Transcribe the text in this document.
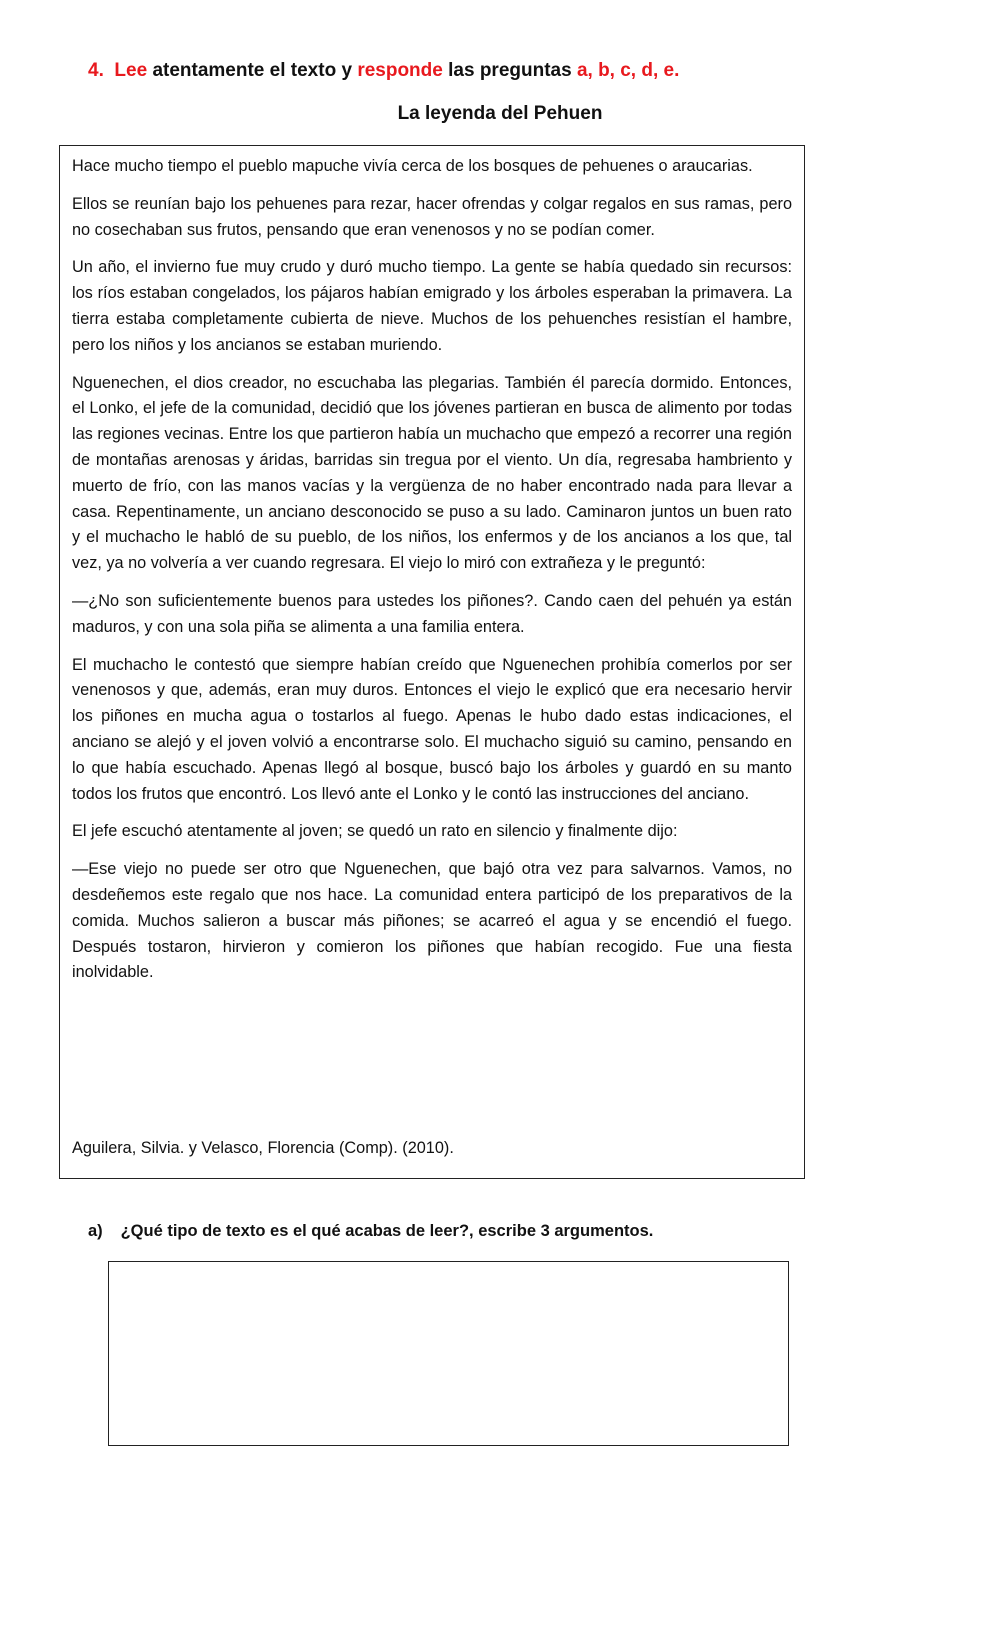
4. Lee atentamente el texto y responde las preguntas a, b, c, d, e.
La leyenda del Pehuen

Hace mucho tiempo el pueblo mapuche vivía cerca de los bosques de pehuenes o araucarias.

Ellos se reunían bajo los pehuenes para rezar, hacer ofrendas y colgar regalos en sus ramas, pero no cosechaban sus frutos, pensando que eran venenosos y no se podían comer.

Un año, el invierno fue muy crudo y duró mucho tiempo. La gente se había quedado sin recursos: los ríos estaban congelados, los pájaros habían emigrado y los árboles esperaban la primavera. La tierra estaba completamente cubierta de nieve. Muchos de los pehuenches resistían el hambre, pero los niños y los ancianos se estaban muriendo.

Nguenechen, el dios creador, no escuchaba las plegarias. También él parecía dormido. Entonces, el Lonko, el jefe de la comunidad, decidió que los jóvenes partieran en busca de alimento por todas las regiones vecinas. Entre los que partieron había un muchacho que empezó a recorrer una región de montañas arenosas y áridas, barridas sin tregua por el viento. Un día, regresaba hambriento y muerto de frío, con las manos vacías y la vergüenza de no haber encontrado nada para llevar a casa. Repentinamente, un anciano desconocido se puso a su lado. Caminaron juntos un buen rato y el muchacho le habló de su pueblo, de los niños, los enfermos y de los ancianos a los que, tal vez, ya no volvería a ver cuando regresara. El viejo lo miró con extrañeza y le preguntó:

—¿No son suficientemente buenos para ustedes los piñones?. Cando caen del pehuén ya están maduros, y con una sola piña se alimenta a una familia entera.

El muchacho le contestó que siempre habían creído que Nguenechen prohibía comerlos por ser venenosos y que, además, eran muy duros. Entonces el viejo le explicó que era necesario hervir los piñones en mucha agua o tostarlos al fuego. Apenas le hubo dado estas indicaciones, el anciano se alejó y el joven volvió a encontrarse solo. El muchacho siguió su camino, pensando en lo que había escuchado. Apenas llegó al bosque, buscó bajo los árboles y guardó en su manto todos los frutos que encontró. Los llevó ante el Lonko y le contó las instrucciones del anciano.

El jefe escuchó atentamente al joven; se quedó un rato en silencio y finalmente dijo:

—Ese viejo no puede ser otro que Nguenechen, que bajó otra vez para salvarnos. Vamos, no desdeñemos este regalo que nos hace. La comunidad entera participó de los preparativos de la comida. Muchos salieron a buscar más piñones; se acarreó el agua y se encendió el fuego. Después tostaron, hirvieron y comieron los piñones que habían recogido. Fue una fiesta inolvidable.

Aguilera, Silvia. y Velasco, Florencia (Comp). (2010).

a) ¿Qué tipo de texto es el qué acabas de leer?, escribe 3 argumentos.
